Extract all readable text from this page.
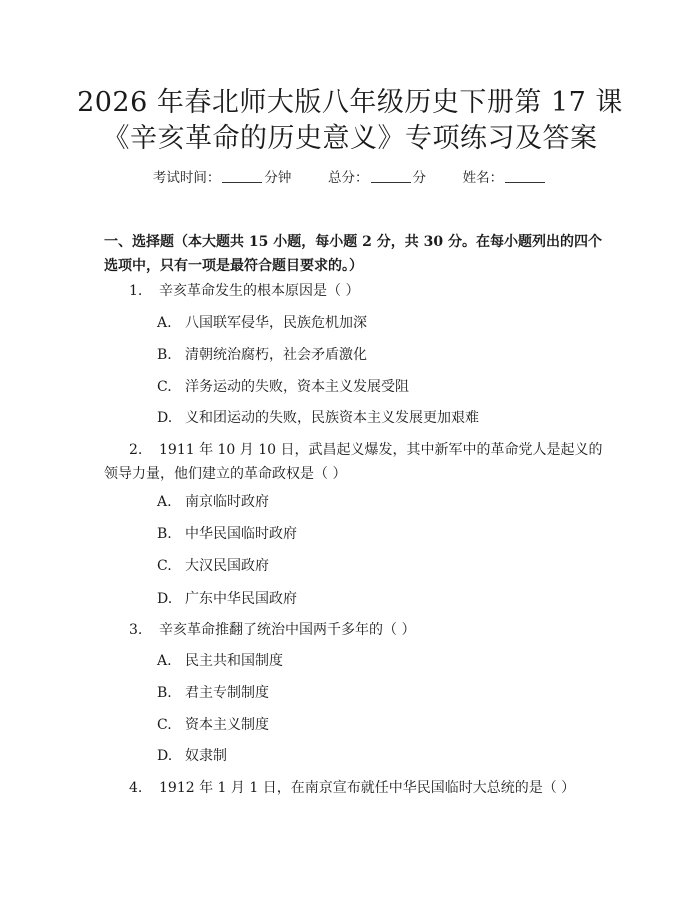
2026 年春北师大版八年级历史下册第 17 课
《辛亥革命的历史意义》专项练习及答案
考试时间：	分钟	总分：	分	姓名：
一、选择题（本大题共 15 小题，每小题 2 分，共 30 分。在每小题列出的四个选项中，只有一项是最符合题目要求的。）
1. 辛亥革命发生的根本原因是（ ）
A. 八国联军侵华，民族危机加深
B. 清朝统治腐朽，社会矛盾激化
C. 洋务运动的失败，资本主义发展受阻
D. 义和团运动的失败，民族资本主义发展更加艰难
2. 1911 年 10 月 10 日，武昌起义爆发，其中新军中的革命党人是起义的领导力量，他们建立的革命政权是（ ）
A. 南京临时政府
B. 中华民国临时政府
C. 大汉民国政府
D. 广东中华民国政府
3. 辛亥革命推翻了统治中国两千多年的（ ）
A. 民主共和国制度
B. 君主专制制度
C. 资本主义制度
D. 奴隶制
4. 1912 年 1 月 1 日，在南京宣布就任中华民国临时大总统的是（ ）
